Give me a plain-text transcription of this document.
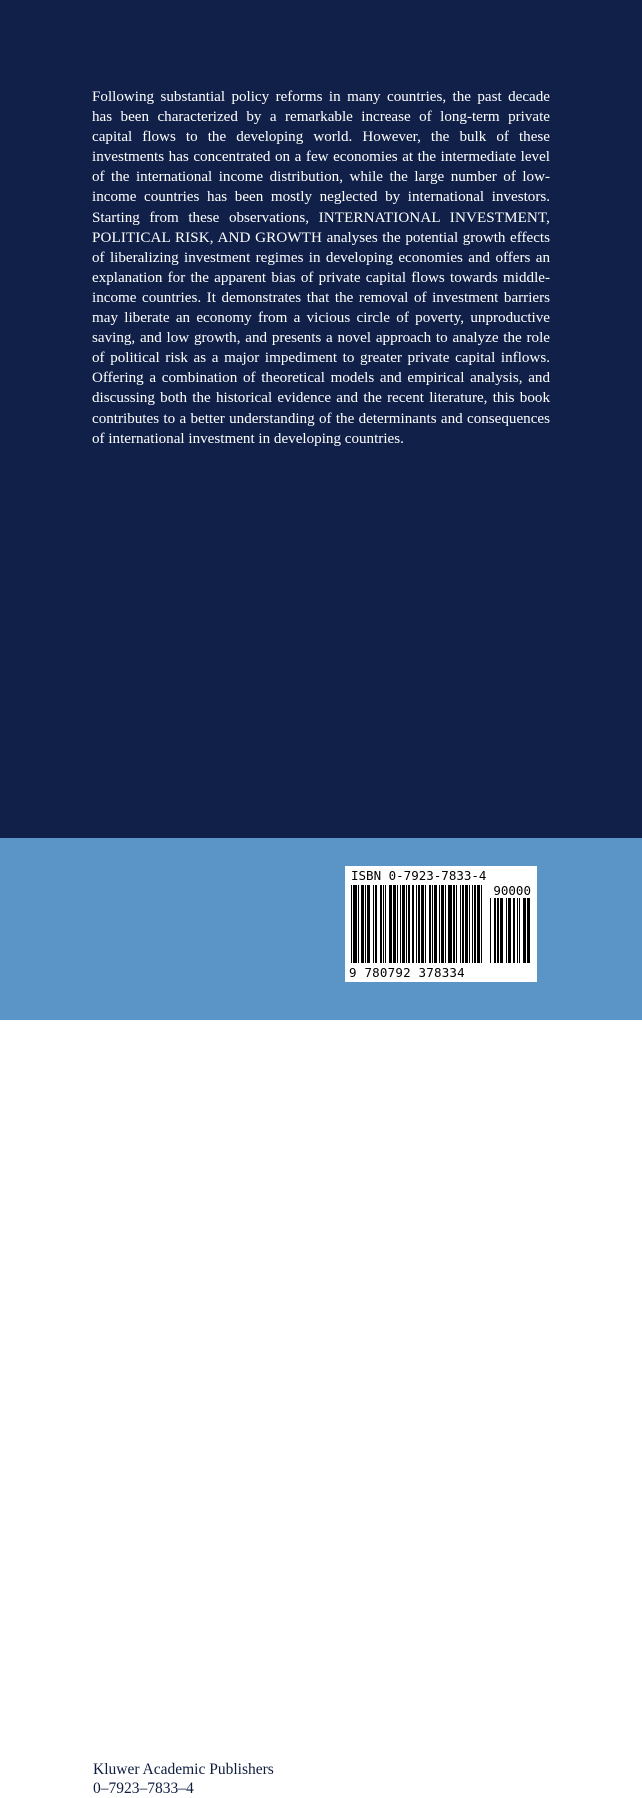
Following substantial policy reforms in many countries, the past decade has been characterized by a remarkable increase of long-term private capital flows to the developing world. However, the bulk of these investments has concentrated on a few economies at the intermediate level of the international income distribution, while the large number of low-income countries has been mostly neglected by international investors. Starting from these observations, INTERNATIONAL INVESTMENT, POLITICAL RISK, AND GROWTH analyses the potential growth effects of liberalizing investment regimes in developing economies and offers an explanation for the apparent bias of private capital flows towards middle-income countries. It demonstrates that the removal of investment barriers may liberate an economy from a vicious circle of poverty, unproductive saving, and low growth, and presents a novel approach to analyze the role of political risk as a major impediment to greater private capital inflows. Offering a combination of theoretical models and empirical analysis, and discussing both the historical evidence and the recent literature, this book contributes to a better understanding of the determinants and consequences of international investment in developing countries.

Kluwer Academic Publishers
0–7923–7833–4
ISBN 0-7923-7833-4
90000
9 780792 378334
